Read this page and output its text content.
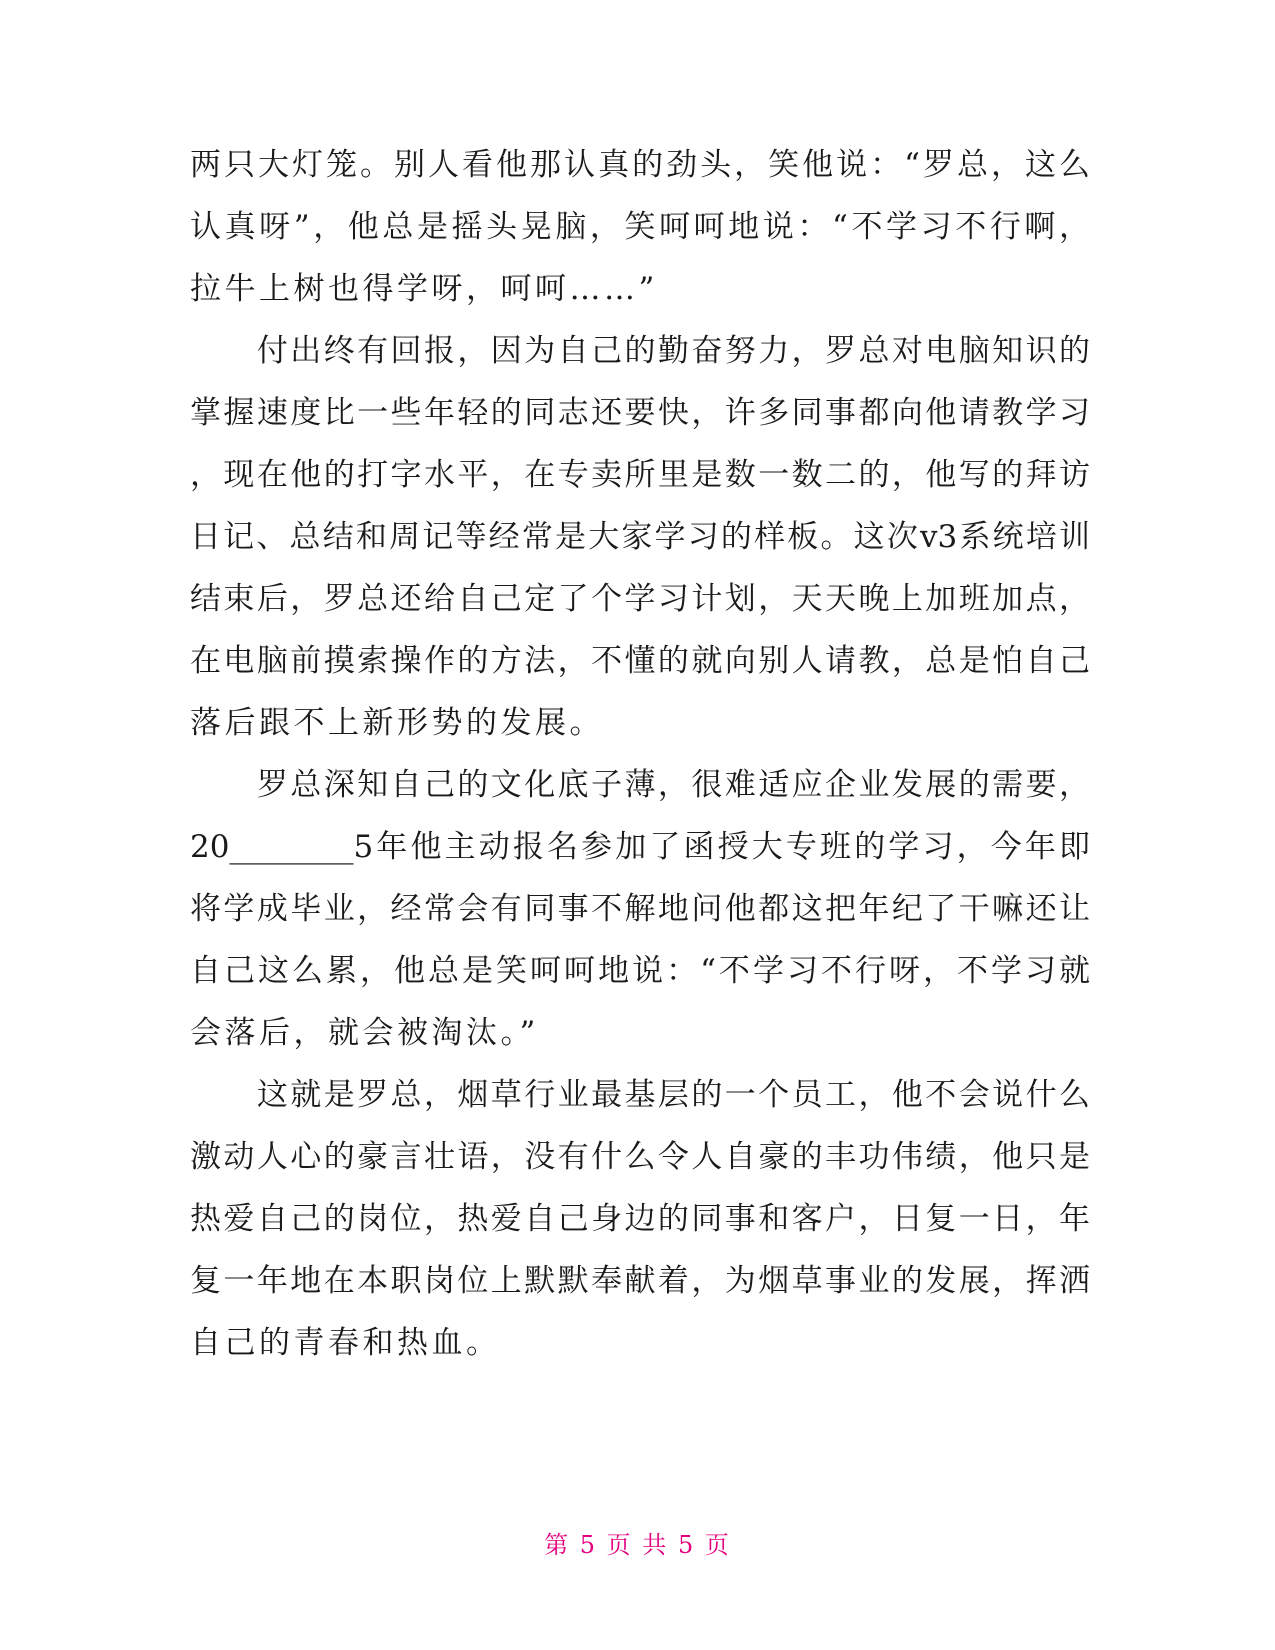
两只大灯笼。别人看他那认真的劲头，笑他说：“罗总，这么
认真呀”，他总是摇头晃脑，笑呵呵地说：“不学习不行啊，
拉牛上树也得学呀，呵呵……”
　　付出终有回报，因为自己的勤奋努力，罗总对电脑知识的
掌握速度比一些年轻的同志还要快，许多同事都向他请教学习
，现在他的打字水平，在专卖所里是数一数二的，他写的拜访
日记、总结和周记等经常是大家学习的样板。这次v3系统培训
结束后，罗总还给自己定了个学习计划，天天晚上加班加点，
在电脑前摸索操作的方法，不懂的就向别人请教，总是怕自己
落后跟不上新形势的发展。
　　罗总深知自己的文化底子薄，很难适应企业发展的需要，
20________5年他主动报名参加了函授大专班的学习，今年即
将学成毕业，经常会有同事不解地问他都这把年纪了干嘛还让
自己这么累，他总是笑呵呵地说：“不学习不行呀，不学习就
会落后，就会被淘汰。”
　　这就是罗总，烟草行业最基层的一个员工，他不会说什么
激动人心的豪言壮语，没有什么令人自豪的丰功伟绩，他只是
热爱自己的岗位，热爱自己身边的同事和客户，日复一日，年
复一年地在本职岗位上默默奉献着，为烟草事业的发展，挥洒
自己的青春和热血。
第 5 页 共 5 页
